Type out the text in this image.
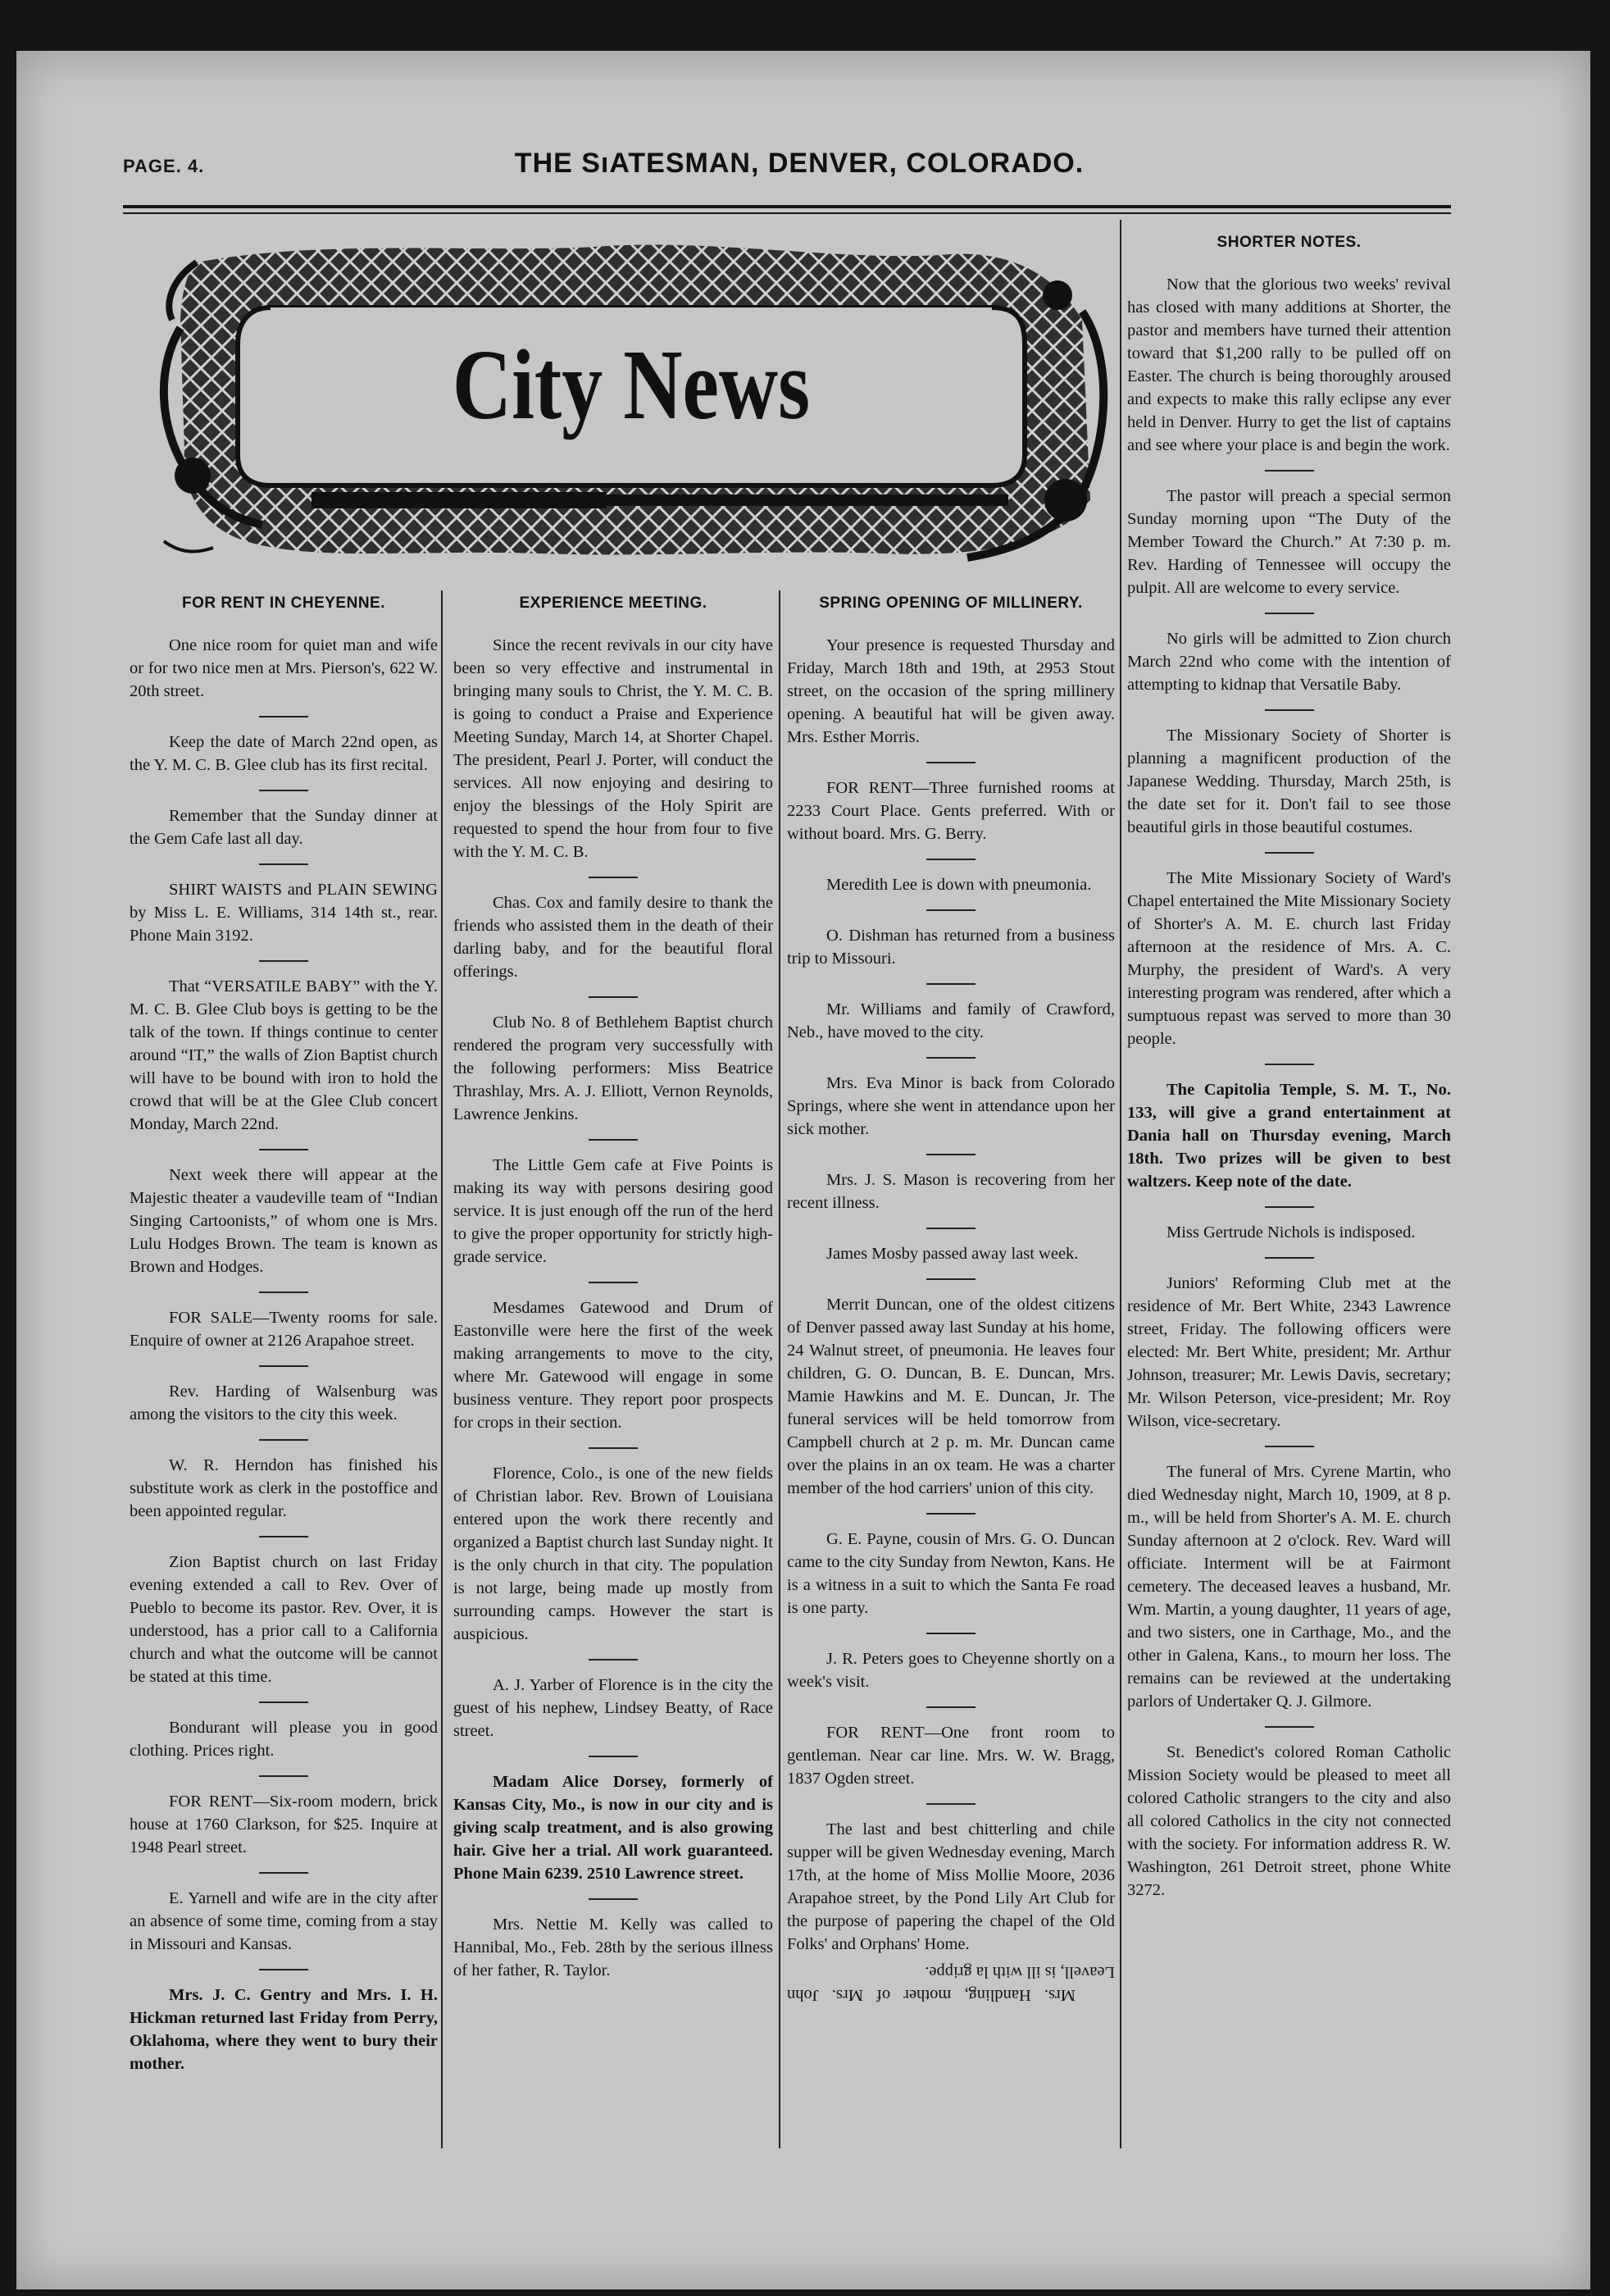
PAGE. 4.	THE SıATESMAN, DENVER, COLORADO.
City News
FOR RENT IN CHEYENNE.

One nice room for quiet man and wife or for two nice men at Mrs. Pierson's, 622 W. 20th street.

Keep the date of March 22nd open, as the Y. M. C. B. Glee club has its first recital.

Remember that the Sunday dinner at the Gem Cafe last all day.

SHIRT WAISTS and PLAIN SEWING by Miss L. E. Williams, 314 14th st., rear. Phone Main 3192.

That “VERSATILE BABY” with the Y. M. C. B. Glee Club boys is getting to be the talk of the town. If things continue to center around “IT,” the walls of Zion Baptist church will have to be bound with iron to hold the crowd that will be at the Glee Club concert Monday, March 22nd.

Next week there will appear at the Majestic theater a vaudeville team of “Indian Singing Cartoonists,” of whom one is Mrs. Lulu Hodges Brown. The team is known as Brown and Hodges.

FOR SALE—Twenty rooms for sale. Enquire of owner at 2126 Arapahoe street.

Rev. Harding of Walsenburg was among the visitors to the city this week.

W. R. Herndon has finished his substitute work as clerk in the postoffice and been appointed regular.

Zion Baptist church on last Friday evening extended a call to Rev. Over of Pueblo to become its pastor. Rev. Over, it is understood, has a prior call to a California church and what the outcome will be cannot be stated at this time.

Bondurant will please you in good clothing. Prices right.

FOR RENT—Six-room modern, brick house at 1760 Clarkson, for $25. Inquire at 1948 Pearl street.

E. Yarnell and wife are in the city after an absence of some time, coming from a stay in Missouri and Kansas.

Mrs. J. C. Gentry and Mrs. I. H. Hickman returned last Friday from Perry, Oklahoma, where they went to bury their mother.

EXPERIENCE MEETING.

Since the recent revivals in our city have been so very effective and instrumental in bringing many souls to Christ, the Y. M. C. B. is going to conduct a Praise and Experience Meeting Sunday, March 14, at Shorter Chapel. The president, Pearl J. Porter, will conduct the services. All now enjoying and desiring to enjoy the blessings of the Holy Spirit are requested to spend the hour from four to five with the Y. M. C. B.

Chas. Cox and family desire to thank the friends who assisted them in the death of their darling baby, and for the beautiful floral offerings.

Club No. 8 of Bethlehem Baptist church rendered the program very successfully with the following performers: Miss Beatrice Thrashlay, Mrs. A. J. Elliott, Vernon Reynolds, Lawrence Jenkins.

The Little Gem cafe at Five Points is making its way with persons desiring good service. It is just enough off the run of the herd to give the proper opportunity for strictly high-grade service.

Mesdames Gatewood and Drum of Eastonville were here the first of the week making arrangements to move to the city, where Mr. Gatewood will engage in some business venture. They report poor prospects for crops in their section.

Florence, Colo., is one of the new fields of Christian labor. Rev. Brown of Louisiana entered upon the work there recently and organized a Baptist church last Sunday night. It is the only church in that city. The population is not large, being made up mostly from surrounding camps. However the start is auspicious.

A. J. Yarber of Florence is in the city the guest of his nephew, Lindsey Beatty, of Race street.

Madam Alice Dorsey, formerly of Kansas City, Mo., is now in our city and is giving scalp treatment, and is also growing hair. Give her a trial. All work guaranteed. Phone Main 6239. 2510 Lawrence street.

Mrs. Nettie M. Kelly was called to Hannibal, Mo., Feb. 28th by the serious illness of her father, R. Taylor.

SPRING OPENING OF MILLINERY.

Your presence is requested Thursday and Friday, March 18th and 19th, at 2953 Stout street, on the occasion of the spring millinery opening. A beautiful hat will be given away. Mrs. Esther Morris.

FOR RENT—Three furnished rooms at 2233 Court Place. Gents preferred. With or without board. Mrs. G. Berry.

Meredith Lee is down with pneumonia.

O. Dishman has returned from a business trip to Missouri.

Mr. Williams and family of Crawford, Neb., have moved to the city.

Mrs. Eva Minor is back from Colorado Springs, where she went in attendance upon her sick mother.

Mrs. J. S. Mason is recovering from her recent illness.

James Mosby passed away last week.

Merrit Duncan, one of the oldest citizens of Denver passed away last Sunday at his home, 24 Walnut street, of pneumonia. He leaves four children, G. O. Duncan, B. E. Duncan, Mrs. Mamie Hawkins and M. E. Duncan, Jr. The funeral services will be held tomorrow from Campbell church at 2 p. m. Mr. Duncan came over the plains in an ox team. He was a charter member of the hod carriers' union of this city.

G. E. Payne, cousin of Mrs. G. O. Duncan came to the city Sunday from Newton, Kans. He is a witness in a suit to which the Santa Fe road is one party.

J. R. Peters goes to Cheyenne shortly on a week's visit.

FOR RENT—One front room to gentleman. Near car line. Mrs. W. W. Bragg, 1837 Ogden street.

The last and best chitterling and chile supper will be given Wednesday evening, March 17th, at the home of Miss Mollie Moore, 2036 Arapahoe street, by the Pond Lily Art Club for the purpose of papering the chapel of the Old Folks' and Orphans' Home.

Mrs. Handling, mother of Mrs. John Leavell, is ill with la grippe.

SHORTER NOTES.

Now that the glorious two weeks' revival has closed with many additions at Shorter, the pastor and members have turned their attention toward that $1,200 rally to be pulled off on Easter. The church is being thoroughly aroused and expects to make this rally eclipse any ever held in Denver. Hurry to get the list of captains and see where your place is and begin the work.

The pastor will preach a special sermon Sunday morning upon “The Duty of the Member Toward the Church.” At 7:30 p. m. Rev. Harding of Tennessee will occupy the pulpit. All are welcome to every service.

No girls will be admitted to Zion church March 22nd who come with the intention of attempting to kidnap that Versatile Baby.

The Missionary Society of Shorter is planning a magnificent production of the Japanese Wedding. Thursday, March 25th, is the date set for it. Don't fail to see those beautiful girls in those beautiful costumes.

The Mite Missionary Society of Ward's Chapel entertained the Mite Missionary Society of Shorter's A. M. E. church last Friday afternoon at the residence of Mrs. A. C. Murphy, the president of Ward's. A very interesting program was rendered, after which a sumptuous repast was served to more than 30 people.

The Capitolia Temple, S. M. T., No. 133, will give a grand entertainment at Dania hall on Thursday evening, March 18th. Two prizes will be given to best waltzers. Keep note of the date.

Miss Gertrude Nichols is indisposed.

Juniors' Reforming Club met at the residence of Mr. Bert White, 2343 Lawrence street, Friday. The following officers were elected: Mr. Bert White, president; Mr. Arthur Johnson, treasurer; Mr. Lewis Davis, secretary; Mr. Wilson Peterson, vice-president; Mr. Roy Wilson, vice-secretary.

The funeral of Mrs. Cyrene Martin, who died Wednesday night, March 10, 1909, at 8 p. m., will be held from Shorter's A. M. E. church Sunday afternoon at 2 o'clock. Rev. Ward will officiate. Interment will be at Fairmont cemetery. The deceased leaves a husband, Mr. Wm. Martin, a young daughter, 11 years of age, and two sisters, one in Carthage, Mo., and the other in Galena, Kans., to mourn her loss. The remains can be reviewed at the undertaking parlors of Undertaker Q. J. Gilmore.

St. Benedict's colored Roman Catholic Mission Society would be pleased to meet all colored Catholic strangers to the city and also all colored Catholics in the city not connected with the society. For information address R. W. Washington, 261 Detroit street, phone White 3272.
